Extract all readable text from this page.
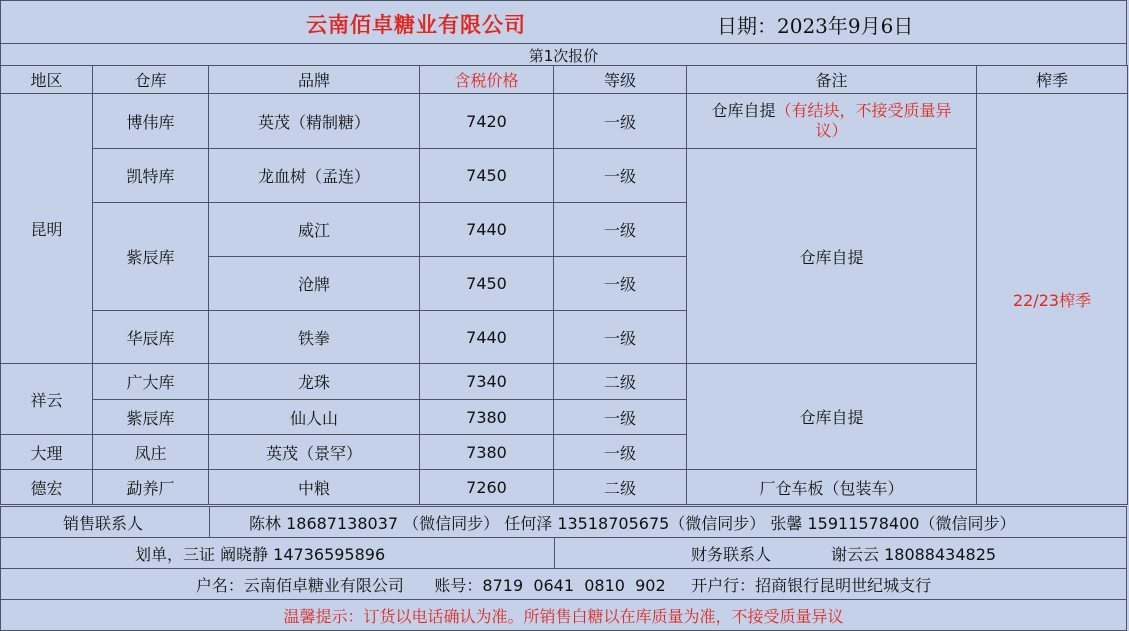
云南佰卓糖业有限公司	日期：2023年9月6日
第1次报价
地区	仓库	品牌	含税价格	等级	备注	榨季
昆明	博伟库	英茂（精制糖）	7420	一级	仓库自提（有结块，不接受质量异议）	22/23榨季
	凯特库	龙血树（孟连）	7450	一级	仓库自提	
	紫辰库	威江	7440	一级		
		沧牌	7450	一级		
	华辰库	铁拳	7440	一级		
祥云	广大库	龙珠	7340	二级	仓库自提	
	紫辰库	仙人山	7380	一级		
大理	凤庄	英茂（景罕）	7380	一级		
德宏	勐养厂	中粮	7260	二级	厂仓车板（包装车）	
销售联系人	陈林 18687138037 （微信同步） 任何泽 13518705675（微信同步） 张馨 15911578400（微信同步）
划单，三证 阚晓静 14736595896	财务联系人	谢云云 18088434825
户名：云南佰卓糖业有限公司      账号：8719  0641  0810  902     开户行：招商银行昆明世纪城支行
温馨提示：订货以电话确认为准。所销售白糖以在库质量为准，不接受质量异议
